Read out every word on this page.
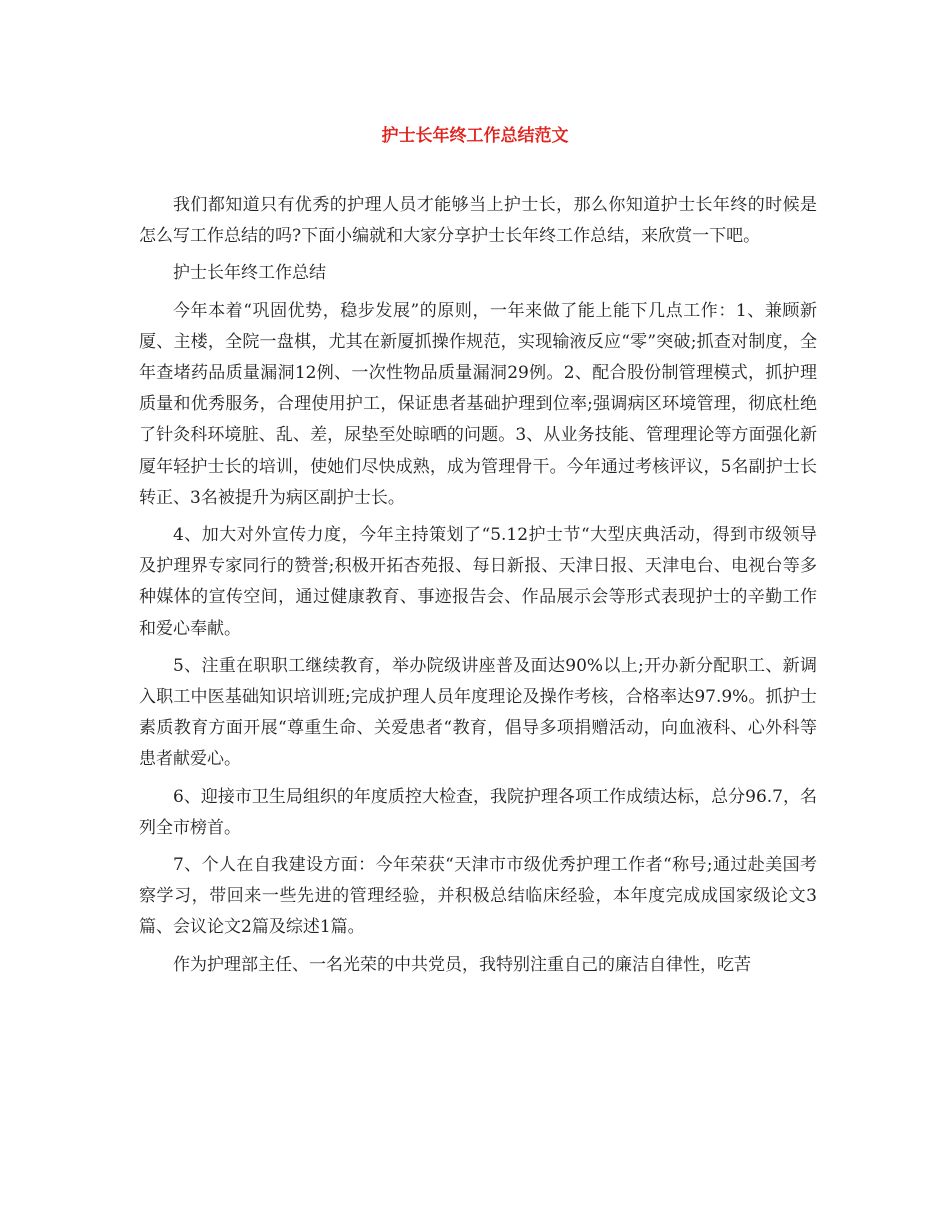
护士长年终工作总结范文

我们都知道只有优秀的护理人员才能够当上护士长，那么你知道护士长年终的时候是怎么写工作总结的吗?下面小编就和大家分享护士长年终工作总结，来欣赏一下吧。

护士长年终工作总结

今年本着“巩固优势，稳步发展”的原则，一年来做了能上能下几点工作：1、兼顾新厦、主楼，全院一盘棋，尤其在新厦抓操作规范，实现输液反应“零”突破;抓查对制度，全年查堵药品质量漏洞12例、一次性物品质量漏洞29例。2、配合股份制管理模式，抓护理质量和优秀服务，合理使用护工，保证患者基础护理到位率;强调病区环境管理，彻底杜绝了针灸科环境脏、乱、差，尿垫至处晾晒的问题。3、从业务技能、管理理论等方面强化新厦年轻护士长的培训，使她们尽快成熟，成为管理骨干。今年通过考核评议，5名副护士长转正、3名被提升为病区副护士长。

4、加大对外宣传力度，今年主持策划了“5.12护士节“大型庆典活动，得到市级领导及护理界专家同行的赞誉;积极开拓杏苑报、每日新报、天津日报、天津电台、电视台等多种媒体的宣传空间，通过健康教育、事迹报告会、作品展示会等形式表现护士的辛勤工作和爱心奉献。

5、注重在职职工继续教育，举办院级讲座普及面达90%以上;开办新分配职工、新调入职工中医基础知识培训班;完成护理人员年度理论及操作考核，合格率达97.9%。抓护士素质教育方面开展“尊重生命、关爱患者“教育，倡导多项捐赠活动，向血液科、心外科等患者献爱心。

6、迎接市卫生局组织的年度质控大检查，我院护理各项工作成绩达标，总分96.7，名列全市榜首。

7、个人在自我建设方面：今年荣获“天津市市级优秀护理工作者“称号;通过赴美国考察学习，带回来一些先进的管理经验，并积极总结临床经验，本年度完成成国家级论文3篇、会议论文2篇及综述1篇。

作为护理部主任、一名光荣的中共党员，我特别注重自己的廉洁自律性，吃苦
